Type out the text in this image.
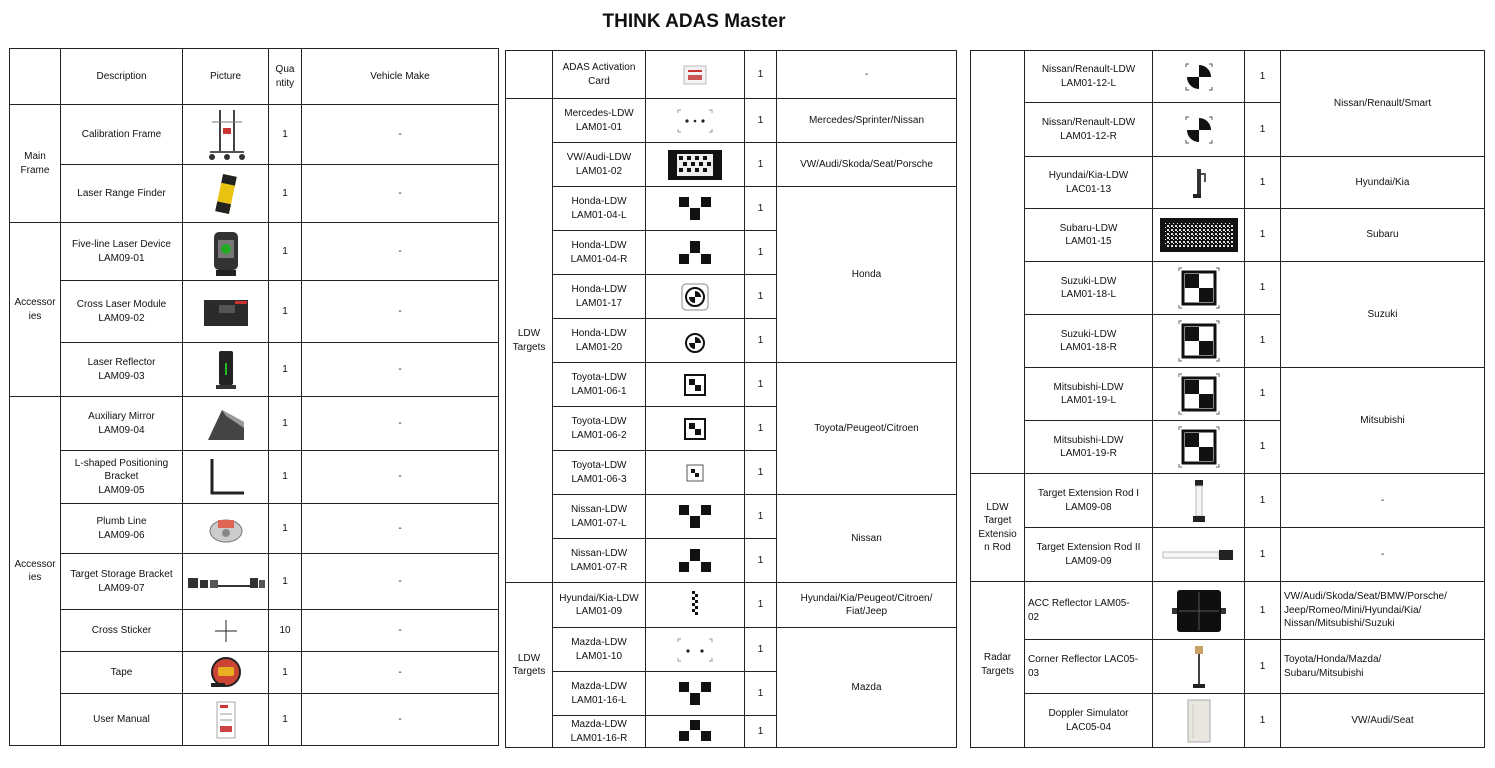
THINK ADAS Master
	Description	Picture	Qua
ntity	Vehicle Make
Main
Frame	Calibration Frame		1	-
	Laser Range Finder		1	-
Accessor
ies	Five-line Laser Device
LAM09-01		1	-
	Cross Laser Module
LAM09-02		1	-
	Laser Reflector
LAM09-03		1	-
Accessor
ies	Auxiliary Mirror
LAM09-04		1	-
	L-shaped Positioning
Bracket
LAM09-05		1	-
	Plumb Line
LAM09-06		1	-
	Target Storage Bracket
LAM09-07		1	-
	Cross Sticker		10	-
	Tape		1	-
	User Manual		1	-
	ADAS Activation Card		1	-
LDW
Targets	Mercedes-LDW
LAM01-01		1	Mercedes/Sprinter/Nissan
	VW/Audi-LDW
LAM01-02		1	VW/Audi/Skoda/Seat/Porsche
	Honda-LDW
LAM01-04-L		1	Honda
	Honda-LDW
LAM01-04-R		1	
	Honda-LDW
LAM01-17		1	
	Honda-LDW
LAM01-20		1	
	Toyota-LDW
LAM01-06-1		1	Toyota/Peugeot/Citroen
	Toyota-LDW
LAM01-06-2		1	
	Toyota-LDW
LAM01-06-3		1	
	Nissan-LDW
LAM01-07-L		1	Nissan
	Nissan-LDW
LAM01-07-R		1	
LDW
Targets	Hyundai/Kia-LDW
LAM01-09		1	Hyundai/Kia/Peugeot/Citroen/
Fiat/Jeep
	Mazda-LDW
LAM01-10		1	Mazda
	Mazda-LDW
LAM01-16-L		1	
	Mazda-LDW
LAM01-16-R		1	
	Nissan/Renault-LDW
LAM01-12-L		1	Nissan/Renault/Smart
	Nissan/Renault-LDW
LAM01-12-R		1	
	Hyundai/Kia-LDW
LAC01-13		1	Hyundai/Kia
	Subaru-LDW
LAM01-15		1	Subaru
	Suzuki-LDW
LAM01-18-L		1	Suzuki
	Suzuki-LDW
LAM01-18-R		1	
	Mitsubishi-LDW
LAM01-19-L		1	Mitsubishi
	Mitsubishi-LDW
LAM01-19-R		1	
LDW
Target
Extensio
n Rod	Target Extension Rod I
LAM09-08		1	-
	Target Extension Rod II
LAM09-09		1	-
Radar
Targets	ACC Reflector LAM05-
02		1	VW/Audi/Skoda/Seat/BMW/Porsche/
Jeep/Romeo/Mini/Hyundai/Kia/
Nissan/Mitsubishi/Suzuki
	Corner Reflector LAC05-
03		1	Toyota/Honda/Mazda/
Subaru/Mitsubishi
	Doppler Simulator
LAC05-04		1	VW/Audi/Seat
